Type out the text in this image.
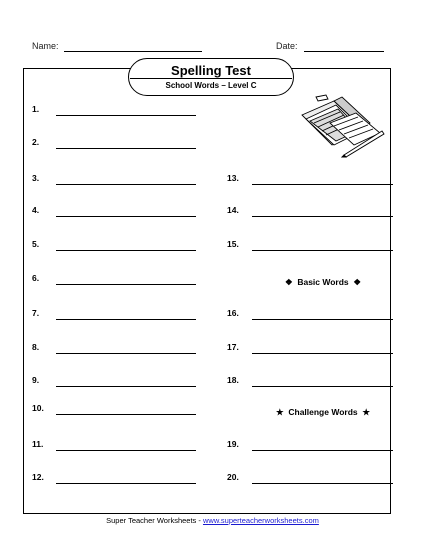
Name:	Date:
Spelling Test
School Words – Level C
1.
2.
3.
4.
5.
6.
7.
8.
9.
10.
11.
12.
13.
14.
15.
16.
17.
18.
19.
20.
❖ Basic Words ❖
★ Challenge Words ★
Super Teacher Worksheets - www.superteacherworksheets.com
